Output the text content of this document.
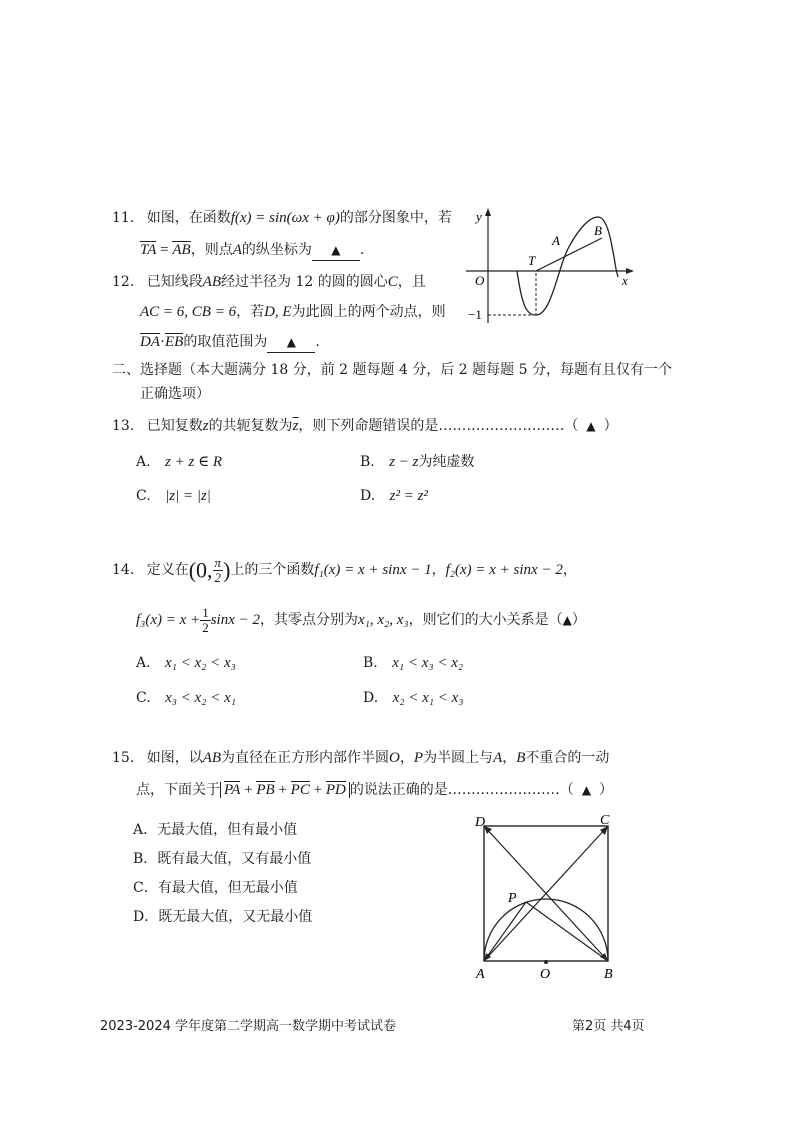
11. 如图，在函数f(x) = sin(ωx + φ)的部分图象中，若
TA = AB，则点A的纵坐标为 ▲ .
y
x
O
T
A
B
−1
12. 已知线段AB经过半径为 12 的圆的圆心C，且
AC = 6, CB = 6，若D, E为此圆上的两个动点，则
DA·EB的取值范围为 ▲ .
二、选择题（本大题满分 18 分，前 2 题每题 4 分，后 2 题每题 5 分，每题有且仅有一个
正确选项）
13. 已知复数z的共轭复数为$\overline{z}$，则下列命题错误的是………………………（ ▲ ）
A. z + z ∈ R	B. z − z为纯虚数
C. |z| = |z|	D. z² = z²
14. 定义在(0, $\frac{\pi}{2}$ )上的三个函数f₁(x) = x + sinx − 1，f₂(x) = x + sinx − 2，
$f_3(x) = x + \frac{1}{2}$ sinx − 2，其零点分别为x₁, x₂, x₃，则它们的大小关系是（▲）
A. x₁ < x₂ < x₃	B. x₁ < x₃ < x₂
C. x₃ < x₂ < x₁	D. x₂ < x₁ < x₃
15. 如图，以AB为直径在正方形内部作半圆O，P为半圆上与A，B不重合的一动
点，下面关于 PA + PB + PC + PD 的说法正确的是……………………（ ▲ ）
A．无最大值，但有最小值
B．既有最大值，又有最小值
C．有最大值，但无最小值
D．既无最大值，又无最小值
D	C
P
A	O	B
2023-2024 学年度第二学期高一数学期中考试试卷	第2页 共4页
